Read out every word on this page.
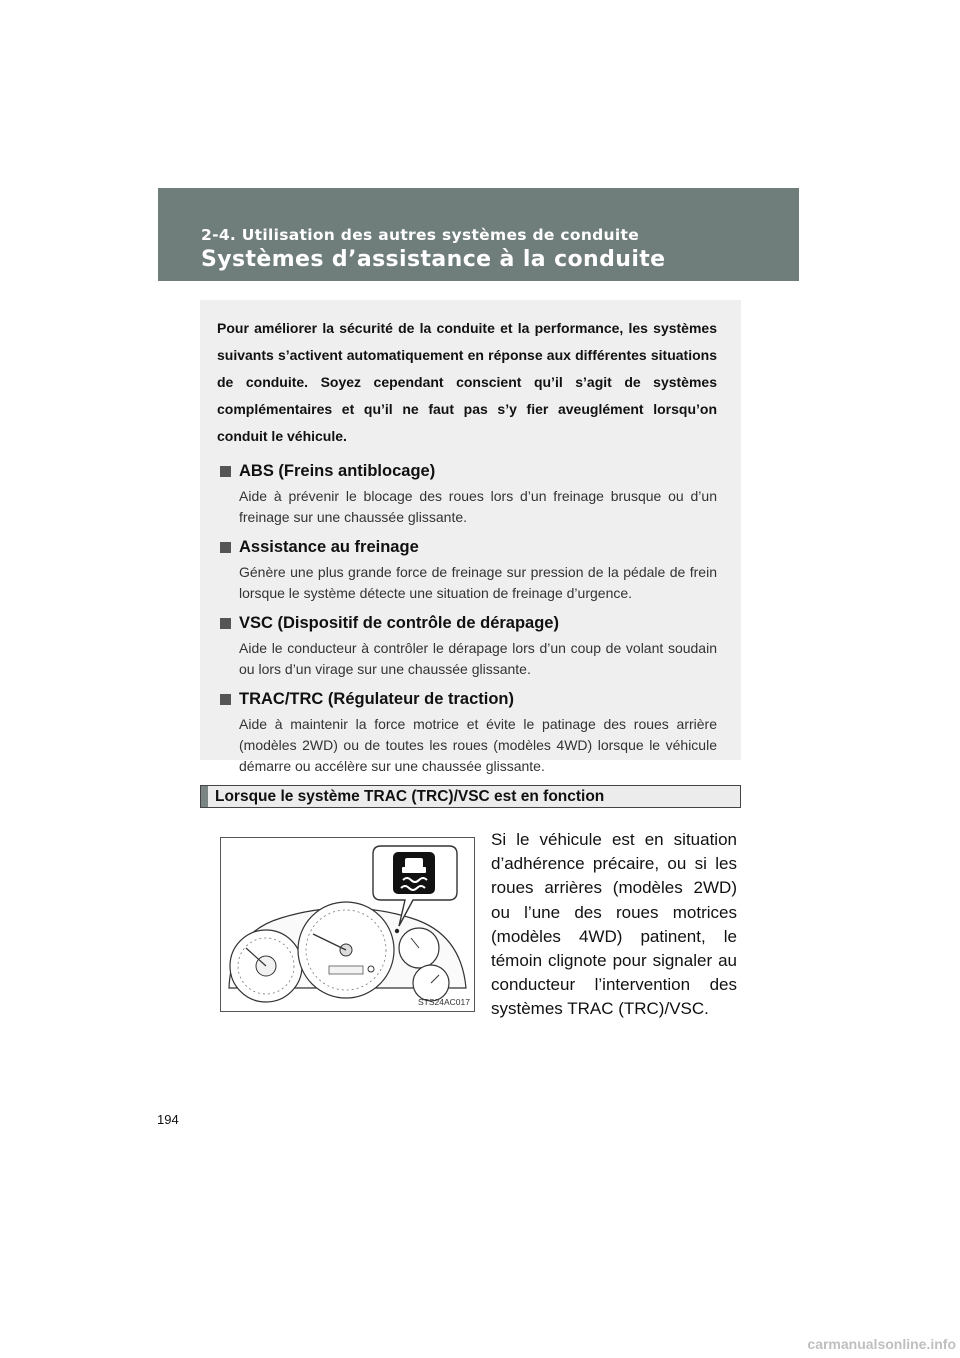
2-4. Utilisation des autres systèmes de conduite
Systèmes d’assistance à la conduite

Pour améliorer la sécurité de la conduite et la performance, les systèmes suivants s’activent automatiquement en réponse aux différentes situations de conduite. Soyez cependant conscient qu’il s’agit de systèmes complémentaires et qu’il ne faut pas s’y fier aveuglément lorsqu’on conduit le véhicule.

ABS (Freins antiblocage)
Aide à prévenir le blocage des roues lors d’un freinage brusque ou d’un freinage sur une chaussée glissante.
Assistance au freinage
Génère une plus grande force de freinage sur pression de la pédale de frein lorsque le système détecte une situation de freinage d’urgence.
VSC (Dispositif de contrôle de dérapage)
Aide le conducteur à contrôler le dérapage lors d’un coup de volant soudain ou lors d’un virage sur une chaussée glissante.
TRAC/TRC (Régulateur de traction)
Aide à maintenir la force motrice et évite le patinage des roues arrière (modèles 2WD) ou de toutes les roues (modèles 4WD) lorsque le véhicule démarre ou accélère sur une chaussée glissante.
Lorsque le système TRAC (TRC)/VSC est en fonction
STS24AC017
Si le véhicule est en situation d’adhérence précaire, ou si les roues arrières (modèles 2WD) ou l’une des roues motrices (modèles 4WD) patinent, le témoin clignote pour signaler au conducteur l’intervention des systèmes TRAC (TRC)/VSC.
194
carmanualsonline.info
